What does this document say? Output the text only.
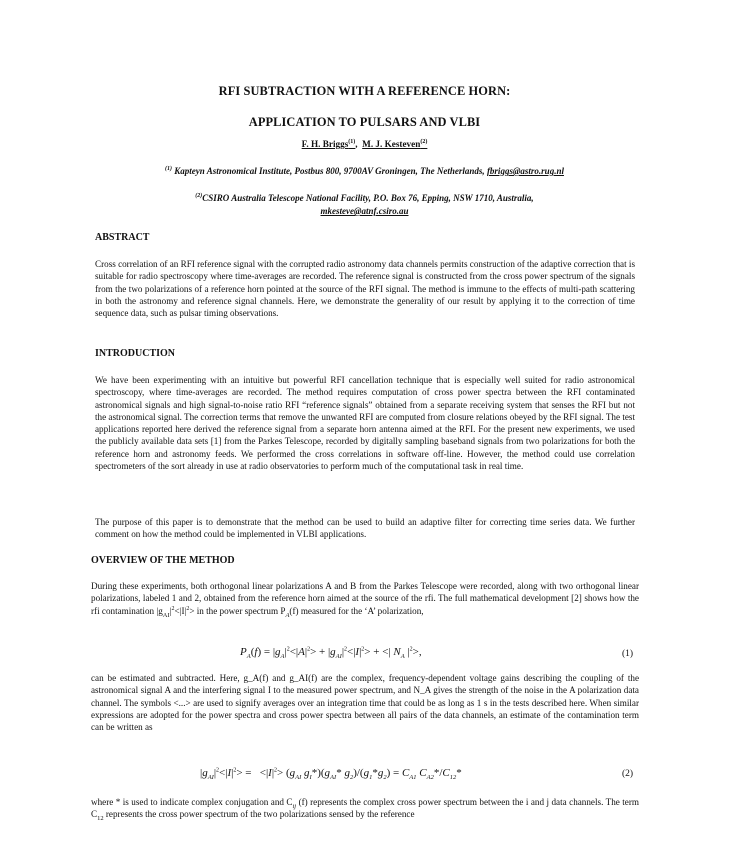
RFI SUBTRACTION WITH A REFERENCE HORN:
APPLICATION TO PULSARS AND VLBI
F. H. Briggs$^{(1)}$, M. J. Kesteven$^{(2)}$
$^{(1)}$ Kapteyn Astronomical Institute, Postbus 800, 9700AV Groningen, The Netherlands, fbriggs@astro.rug.nl
$^{(2)}$CSIRO Australia Telescope National Facility, P.O. Box 76, Epping, NSW 1710, Australia,
mkesteve@atnf.csiro.au
ABSTRACT
Cross correlation of an RFI reference signal with the corrupted radio astronomy data channels permits construction of the adaptive correction that is suitable for radio spectroscopy where time-averages are recorded. The reference signal is constructed from the cross power spectrum of the signals from the two polarizations of a reference horn pointed at the source of the RFI signal. The method is immune to the effects of multi-path scattering in both the astronomy and reference signal channels. Here, we demonstrate the generality of our result by applying it to the correction of time sequence data, such as pulsar timing observations.
INTRODUCTION
We have been experimenting with an intuitive but powerful RFI cancellation technique that is especially well suited for radio astronomical spectroscopy, where time-averages are recorded. The method requires computation of cross power spectra between the RFI contaminated astronomical signals and high signal-to-noise ratio RFI “reference signals” obtained from a separate receiving system that senses the RFI but not the astronomical signal. The correction terms that remove the unwanted RFI are computed from closure relations obeyed by the RFI signal. The test applications reported here derived the reference signal from a separate horn antenna aimed at the RFI. For the present new experiments, we used the publicly available data sets [1] from the Parkes Telescope, recorded by digitally sampling baseband signals from two polarizations for both the reference horn and astronomy feeds. We performed the cross correlations in software off-line. However, the method could use correlation spectrometers of the sort already in use at radio observatories to perform much of the computational task in real time.
The purpose of this paper is to demonstrate that the method can be used to build an adaptive filter for correcting time series data. We further comment on how the method could be implemented in VLBI applications.
OVERVIEW OF THE METHOD
During these experiments, both orthogonal linear polarizations A and B from the Parkes Telescope were recorded, along with two orthogonal linear polarizations, labeled 1 and 2, obtained from the reference horn aimed at the source of the rfi. The full mathematical development [2] shows how the rfi contamination $|g_{AI}|^2<|I|^2>$ in the power spectrum $P_A(f)$ measured for the ‘A’ polarization,
$P_A(f) = |g_A|^2<|A|^2> + |g_{AI}|^2<|I|^2>$ + <| $N_A$ $|^2>$,	(1)
can be estimated and subtracted. Here, g_A(f) and g_AI(f) are the complex, frequency-dependent voltage gains describing the coupling of the astronomical signal A and the interfering signal I to the measured power spectrum, and N_A gives the strength of the noise in the A polarization data channel. The symbols <...> are used to signify averages over an integration time that could be as long as 1 s in the tests described here. When similar expressions are adopted for the power spectra and cross power spectra between all pairs of the data channels, an estimate of the contamination term can be written as
$|g_{AI}|^2<|I|^2> = <|I|^2> (g_{AI}$ $g_I*)(g_{AI}*$ $g_2)/(g_1*g_2) = C_{A1}$ $C_{A2}*/C_{12}*$	(2)
where * is used to indicate complex conjugation and $C_{ij}$ (f) represents the complex cross power spectrum between the i and j data channels. The term $C_{12}$ represents the cross power spectrum of the two polarizations sensed by the reference
